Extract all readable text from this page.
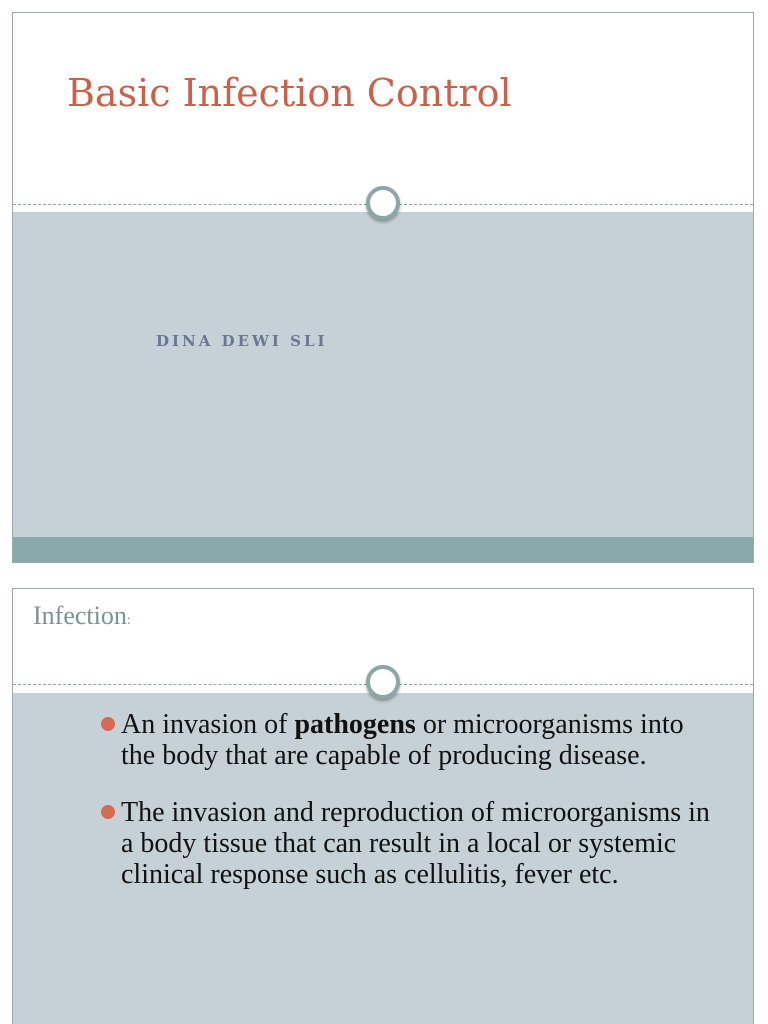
Basic Infection Control
DINA DEWI SLI
Infection:
An invasion of pathogens or microorganisms into the body that are capable of producing disease.
The invasion and reproduction of microorganisms in a body tissue that can result in a local or systemic clinical response such as cellulitis, fever etc.
